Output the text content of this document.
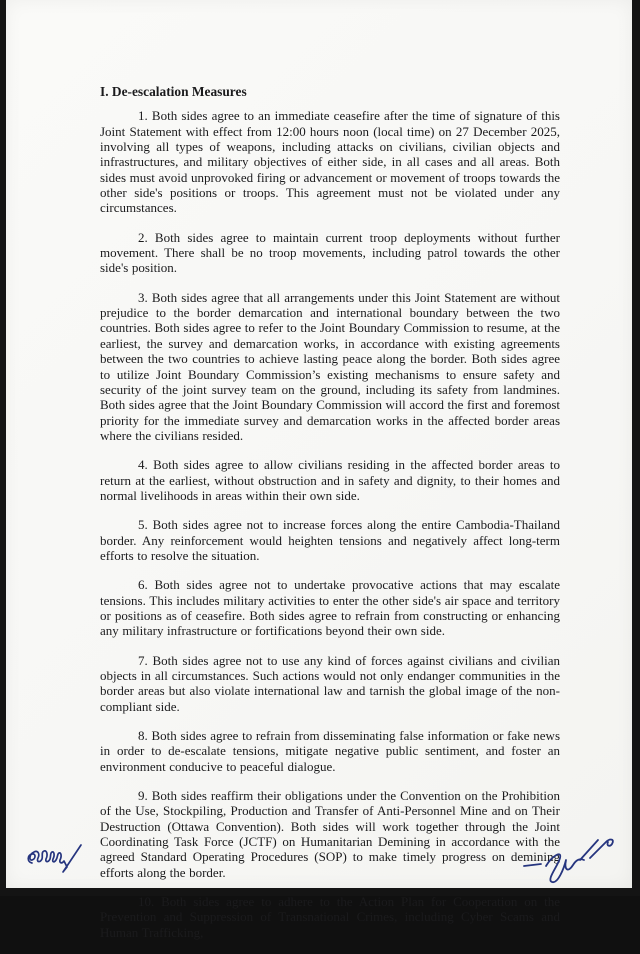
I. De-escalation Measures

1. Both sides agree to an immediate ceasefire after the time of signature of this Joint Statement with effect from 12:00 hours noon (local time) on 27 December 2025, involving all types of weapons, including attacks on civilians, civilian objects and infrastructures, and military objectives of either side, in all cases and all areas. Both sides must avoid unprovoked firing or advancement or movement of troops towards the other side's positions or troops. This agreement must not be violated under any circumstances.

2. Both sides agree to maintain current troop deployments without further movement. There shall be no troop movements, including patrol towards the other side's position.

3. Both sides agree that all arrangements under this Joint Statement are without prejudice to the border demarcation and international boundary between the two countries. Both sides agree to refer to the Joint Boundary Commission to resume, at the earliest, the survey and demarcation works, in accordance with existing agreements between the two countries to achieve lasting peace along the border. Both sides agree to utilize Joint Boundary Commission’s existing mechanisms to ensure safety and security of the joint survey team on the ground, including its safety from landmines. Both sides agree that the Joint Boundary Commission will accord the first and foremost priority for the immediate survey and demarcation works in the affected border areas where the civilians resided.

4. Both sides agree to allow civilians residing in the affected border areas to return at the earliest, without obstruction and in safety and dignity, to their homes and normal livelihoods in areas within their own side.

5. Both sides agree not to increase forces along the entire Cambodia-Thailand border. Any reinforcement would heighten tensions and negatively affect long-term efforts to resolve the situation.

6. Both sides agree not to undertake provocative actions that may escalate tensions. This includes military activities to enter the other side's air space and territory or positions as of ceasefire. Both sides agree to refrain from constructing or enhancing any military infrastructure or fortifications beyond their own side.

7. Both sides agree not to use any kind of forces against civilians and civilian objects in all circumstances. Such actions would not only endanger communities in the border areas but also violate international law and tarnish the global image of the non-compliant side.

8. Both sides agree to refrain from disseminating false information or fake news in order to de-escalate tensions, mitigate negative public sentiment, and foster an environment conducive to peaceful dialogue.

9. Both sides reaffirm their obligations under the Convention on the Prohibition of the Use, Stockpiling, Production and Transfer of Anti-Personnel Mine and on Their Destruction (Ottawa Convention). Both sides will work together through the Joint Coordinating Task Force (JCTF) on Humanitarian Demining in accordance with the agreed Standard Operating Procedures (SOP) to make timely progress on demining efforts along the border.

10. Both sides agree to adhere to the Action Plan for Cooperation on the Prevention and Suppression of Transnational Crimes, including Cyber Scams and Human Trafficking,
